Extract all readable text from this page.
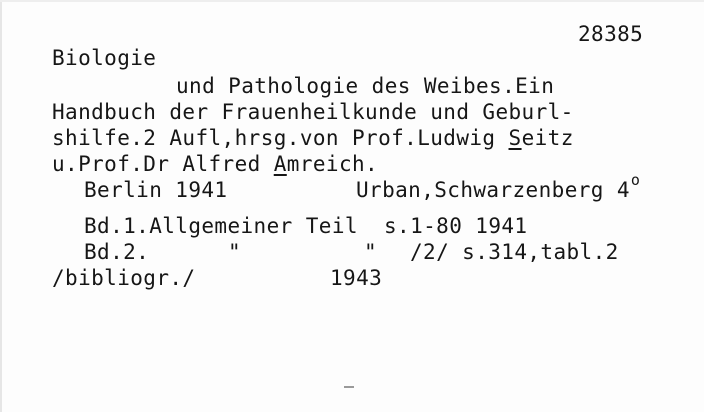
28385
Biologie
und Pathologie des Weibes.Ein
Handbuch der Frauenheilkunde und Geburl-
shilfe.2 Aufl,hrsg.von Prof.Ludwig Seitz
u.Prof.Dr Alfred Amreich.
Berlin 1941	Urban,Schwarzenberg 4$^o$
Bd.1.Allgemeiner Teil  s.1-80 1941
Bd.2.	"	" /2/ s.314,tabl.2
/bibliogr./	1943
